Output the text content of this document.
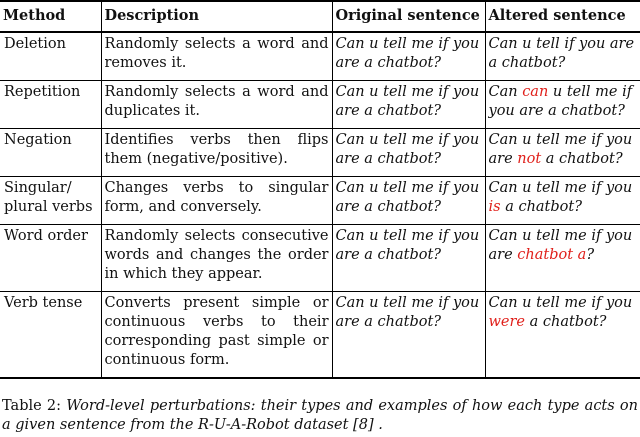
Method	Description	Original sentence	Altered sentence
Deletion	Randomly selects a word and removes it.	Can u tell me if you are a chatbot?	Can u tell if you are a chatbot?
Repetition	Randomly selects a word and duplicates it.	Can u tell me if you are a chatbot?	Can can u tell me if you are a chatbot?
Negation	Identifies verbs then flips them (negative/positive).	Can u tell me if you are a chatbot?	Can u tell me if you are not a chatbot?
Singular/ plural verbs	Changes verbs to singular form, and conversely.	Can u tell me if you are a chatbot?	Can u tell me if you is a chatbot?
Word order	Randomly selects consecutive words and changes the order in which they appear.	Can u tell me if you are a chatbot?	Can u tell me if you are chatbot a?
Verb tense	Converts present simple or continuous verbs to their corresponding past simple or continuous form.	Can u tell me if you are a chatbot?	Can u tell me if you were a chatbot?
Table 2: Word-level perturbations: their types and examples of how each type acts on a given sentence from the R-U-A-Robot dataset [8] .
